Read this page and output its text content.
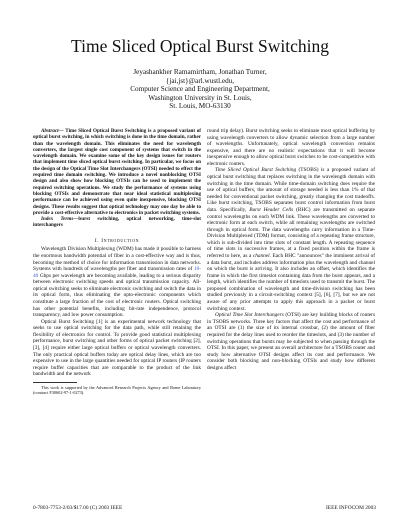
Time Sliced Optical Burst Switching
Jeyashankher Ramamirtham, Jonathan Turner,
{jai,jst}@arl.wustl.edu,
Computer Science and Engineering Department,
Washington University in St. Louis,
St. Louis, MO-63130

Abstract— Time Sliced Optical Burst Switching is a proposed variant of optical burst switching, in which switching is done in the time domain, rather than the wavelength domain. This eliminates the need for wavelength converters, the largest single cost component of systems that switch in the wavelength domain. We examine some of the key design issues for routers that implement time sliced optical burst switching. In particular, we focus on the design of the Optical Time Slot Interchangers (OTSI) needed to effect the required time domain switching. We introduce a novel nonblocking OTSI design and also show how blocking OTSIs can be used to implement the required switching operations. We study the performance of systems using blocking OTSIs and demonstrate that near ideal statistical multiplexing performance can be achieved using even quite inexpensive, blocking OTSI designs. These results suggest that optical technology may one day be able to provide a cost-effective alternative to electronics in packet switching systems.

Index Terms—burst switching, optical networking, time-slot interchangers

I. Introduction

Wavelength Division Multiplexing (WDM) has made it possible to harness the enormous bandwidth potential of fiber in a cost-effective way and is thus, becoming the method of choice for information transmission in data networks. Systems with hundreds of wavelengths per fiber and transmission rates of 10-40 Gbps per wavelength are becoming available, leading to a serious disparity between electronic switching speeds and optical transmission capacity. All-optical switching seeks to eliminate electronic switching and switch the data in its optical form, thus eliminating the opto-electronic components which constitute a large fraction of the cost of electronic routers. Optical switching has other potential benefits, including bit-rate independence, protocol transparency, and low power consumption.

Optical Burst Switching [1] is an experimental network technology that seeks to use optical switching for the data path, while still retaining the flexibility of electronics for control. To provide good statistical multiplexing performance, burst switching and other forms of optical packet switching [2], [3], [4] require either large optical buffers or optical wavelength converters. The only practical optical buffers today are optical delay lines, which are too expensive to use in the large quantities needed for optical IP routers (IP routers require buffer capacities that are comparable to the product of the link bandwidth and the network

This work is supported by the Advanced Research Projects Agency and Rome Laboratory (contract F30602-97-1-0273).

round trip delay). Burst switching seeks to eliminate most optical buffering by using wavelength converters to allow dynamic selection from a large number of wavelengths. Unfortunately, optical wavelength conversion remains expensive, and there are no realistic expectations that it will become inexpensive enough to allow optical burst switches to be cost-competitive with electronic routers.

Time Sliced Optical Burst Switching (TSOBS) is a proposed variant of optical burst switching that replaces switching in the wavelength domain with switching in the time domain. While time-domain switching does require the use of optical buffers, the amount of storage needed is less than 1% of that needed for conventional packet switching, greatly changing the cost tradeoffs. Like burst switching, TSOBS separates burst control information from burst data. Specifically, Burst Header Cells (BHC) are transmitted on separate control wavelengths on each WDM link. These wavelengths are converted to electronic form at each switch, while all remaining wavelengths are switched through in optical form. The data wavelengths carry information in a Time-Division Multiplexed (TDM) format, consisting of a repeating frame structure, which is sub-divided into time slots of constant length. A repeating sequence of time slots in successive frames, at a fixed position within the frame is referred to here, as a channel. Each BHC "announces" the imminent arrival of a data burst, and includes address information plus the wavelength and channel on which the burst is arriving. It also includes an offset, which identifies the frame in which the first timeslot containing data from the burst appears, and a length, which identifies the number of timeslots used to transmit the burst. The proposed combination of wavelength and time-division switching has been studied previously in a circuit-switching context [5], [6], [7], but we are not aware of any prior attempts to apply this approach in a packet or burst switching context.

Optical Time Slot Interchangers (OTSI) are key building blocks of routers in TSOBS networks. Three key factors that affect the cost and performance of an OTSI are (1) the size of its internal crossbar, (2) the amount of fiber required for the delay lines used to reorder the timeslots, and (3) the number of switching operations that bursts may be subjected to when passing through the OTSI. In this paper, we present an overall architecture for a TSOBS router and study how alternative OTSI designs affect its cost and performance. We consider both blocking and non-blocking OTSIs and study how different designs affect

0-7803-7753-2/03/$17.00 (C) 2003 IEEE	IEEE INFOCOM 2003
